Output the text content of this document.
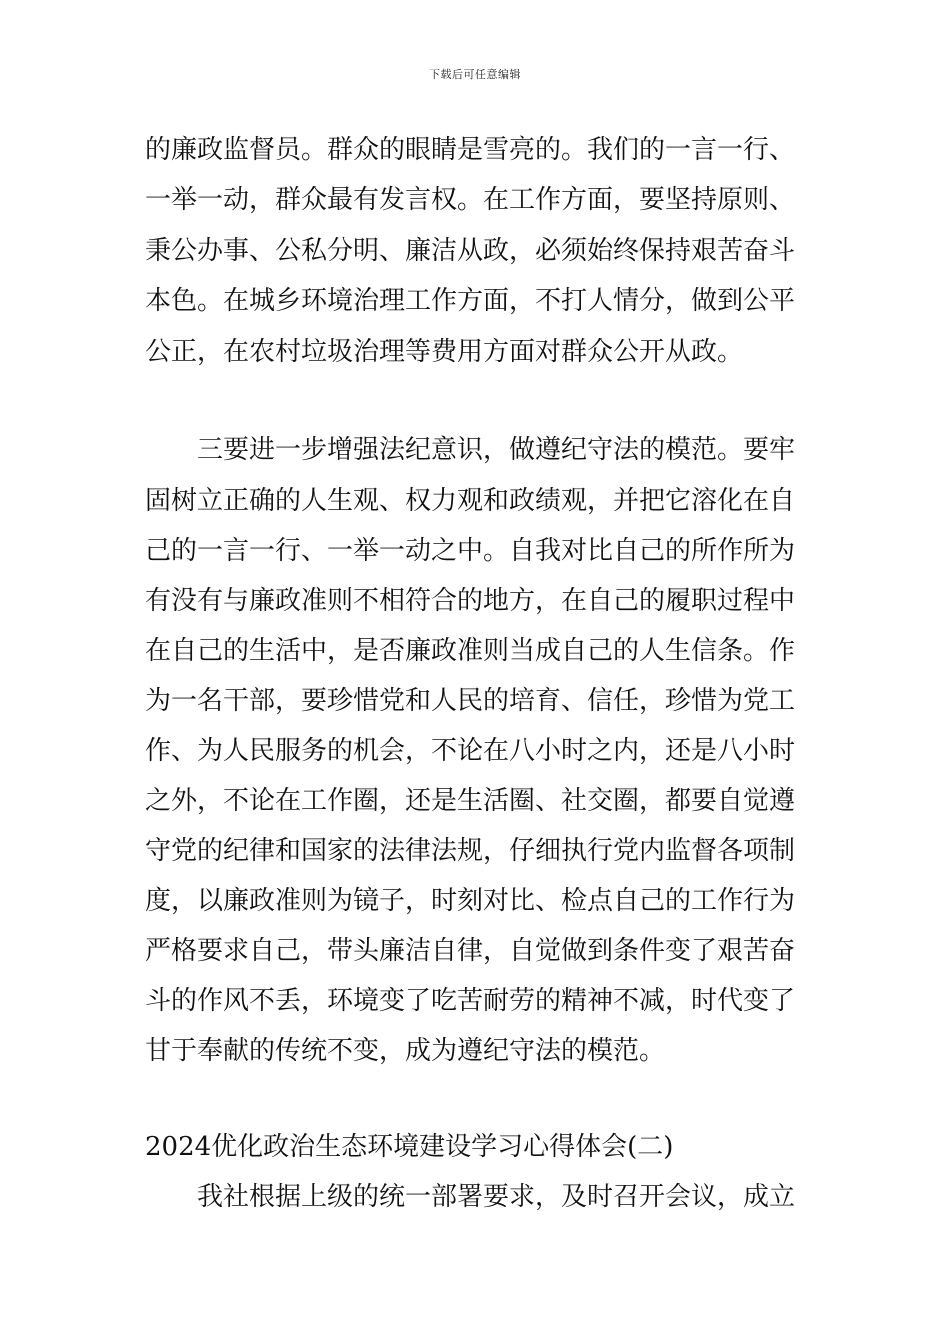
下载后可任意编辑
的廉政监督员。群众的眼睛是雪亮的。我们的一言一行、
一举一动，群众最有发言权。在工作方面，要坚持原则、
秉公办事、公私分明、廉洁从政，必须始终保持艰苦奋斗
本色。在城乡环境治理工作方面，不打人情分，做到公平
公正，在农村垃圾治理等费用方面对群众公开从政。
三要进一步增强法纪意识，做遵纪守法的模范。要牢
固树立正确的人生观、权力观和政绩观，并把它溶化在自
己的一言一行、一举一动之中。自我对比自己的所作所为
有没有与廉政准则不相符合的地方，在自己的履职过程中
在自己的生活中，是否廉政准则当成自己的人生信条。作
为一名干部，要珍惜党和人民的培育、信任，珍惜为党工
作、为人民服务的机会，不论在八小时之内，还是八小时
之外，不论在工作圈，还是生活圈、社交圈，都要自觉遵
守党的纪律和国家的法律法规，仔细执行党内监督各项制
度，以廉政准则为镜子，时刻对比、检点自己的工作行为
严格要求自己，带头廉洁自律，自觉做到条件变了艰苦奋
斗的作风不丢，环境变了吃苦耐劳的精神不减，时代变了
甘于奉献的传统不变，成为遵纪守法的模范。
2024优化政治生态环境建设学习心得体会(二)
我社根据上级的统一部署要求，及时召开会议，成立
